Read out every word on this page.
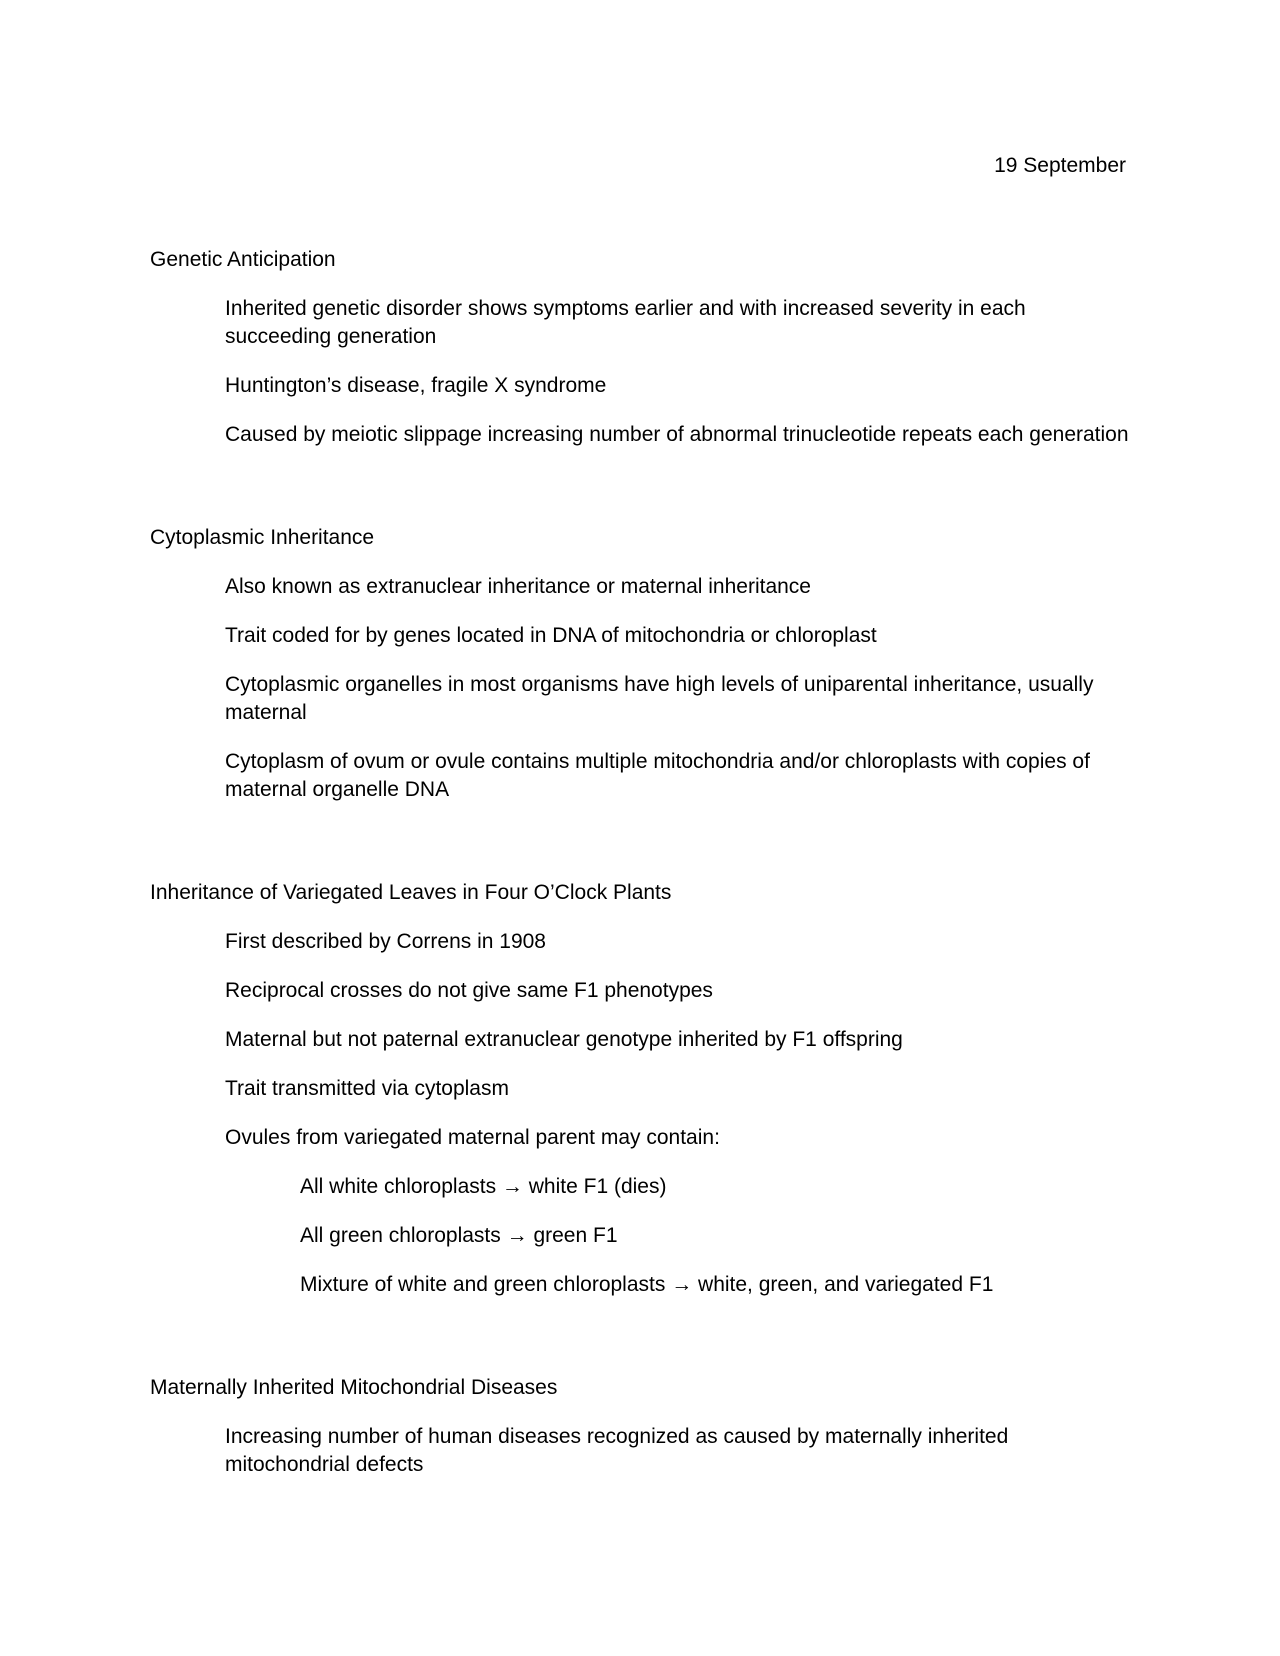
19 September

Genetic Anticipation

Inherited genetic disorder shows symptoms earlier and with increased severity in each succeeding generation

Huntington’s disease, fragile X syndrome

Caused by meiotic slippage increasing number of abnormal trinucleotide repeats each generation

Cytoplasmic Inheritance

Also known as extranuclear inheritance or maternal inheritance

Trait coded for by genes located in DNA of mitochondria or chloroplast

Cytoplasmic organelles in most organisms have high levels of uniparental inheritance, usually maternal

Cytoplasm of ovum or ovule contains multiple mitochondria and/or chloroplasts with copies of maternal organelle DNA

Inheritance of Variegated Leaves in Four O’Clock Plants

First described by Correns in 1908

Reciprocal crosses do not give same F1 phenotypes

Maternal but not paternal extranuclear genotype inherited by F1 offspring

Trait transmitted via cytoplasm

Ovules from variegated maternal parent may contain:

All white chloroplasts → white F1 (dies)

All green chloroplasts → green F1

Mixture of white and green chloroplasts → white, green, and variegated F1

Maternally Inherited Mitochondrial Diseases

Increasing number of human diseases recognized as caused by maternally inherited mitochondrial defects
